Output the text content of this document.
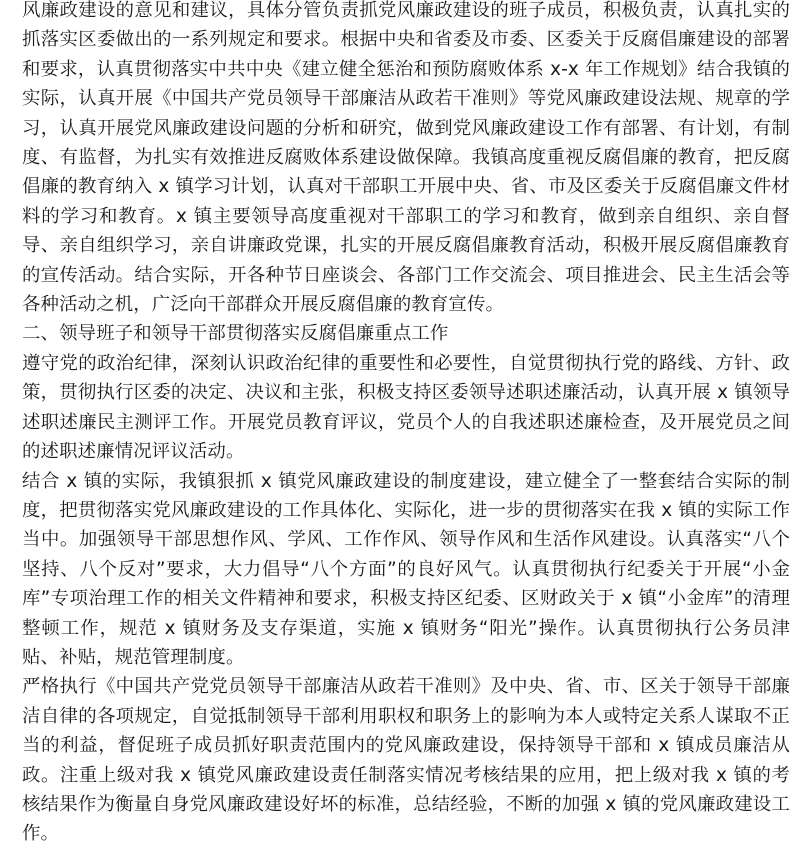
风廉政建设的意见和建议，具体分管负责抓党风廉政建设的班子成员，积极负责，认真扎实的抓落实区委做出的一系列规定和要求。根据中央和省委及市委、区委关于反腐倡廉建设的部署和要求，认真贯彻落实中共中央《建立健全惩治和预防腐败体系 x-x 年工作规划》结合我镇的实际，认真开展《中国共产党员领导干部廉洁从政若干准则》等党风廉政建设法规、规章的学习，认真开展党风廉政建设问题的分析和研究，做到党风廉政建设工作有部署、有计划，有制度、有监督，为扎实有效推进反腐败体系建设做保障。我镇高度重视反腐倡廉的教育，把反腐倡廉的教育纳入 x 镇学习计划，认真对干部职工开展中央、省、市及区委关于反腐倡廉文件材料的学习和教育。x 镇主要领导高度重视对干部职工的学习和教育，做到亲自组织、亲自督导、亲自组织学习，亲自讲廉政党课，扎实的开展反腐倡廉教育活动，积极开展反腐倡廉教育的宣传活动。结合实际，开各种节日座谈会、各部门工作交流会、项目推进会、民主生活会等各种活动之机，广泛向干部群众开展反腐倡廉的教育宣传。

二、领导班子和领导干部贯彻落实反腐倡廉重点工作

遵守党的政治纪律，深刻认识政治纪律的重要性和必要性，自觉贯彻执行党的路线、方针、政策，贯彻执行区委的决定、决议和主张，积极支持区委领导述职述廉活动，认真开展 x 镇领导述职述廉民主测评工作。开展党员教育评议，党员个人的自我述职述廉检查，及开展党员之间的述职述廉情况评议活动。

结合 x 镇的实际，我镇狠抓 x 镇党风廉政建设的制度建设，建立健全了一整套结合实际的制度，把贯彻落实党风廉政建设的工作具体化、实际化，进一步的贯彻落实在我 x 镇的实际工作当中。加强领导干部思想作风、学风、工作作风、领导作风和生活作风建设。认真落实“八个坚持、八个反对”要求，大力倡导“八个方面”的良好风气。认真贯彻执行纪委关于开展“小金库”专项治理工作的相关文件精神和要求，积极支持区纪委、区财政关于 x 镇“小金库”的清理整顿工作，规范 x 镇财务及支存渠道，实施 x 镇财务“阳光”操作。认真贯彻执行公务员津贴、补贴，规范管理制度。

严格执行《中国共产党党员领导干部廉洁从政若干准则》及中央、省、市、区关于领导干部廉洁自律的各项规定，自觉抵制领导干部利用职权和职务上的影响为本人或特定关系人谋取不正当的利益，督促班子成员抓好职责范围内的党风廉政建设，保持领导干部和 x 镇成员廉洁从政。注重上级对我 x 镇党风廉政建设责任制落实情况考核结果的应用，把上级对我 x 镇的考核结果作为衡量自身党风廉政建设好坏的标准，总结经验，不断的加强 x 镇的党风廉政建设工作。
